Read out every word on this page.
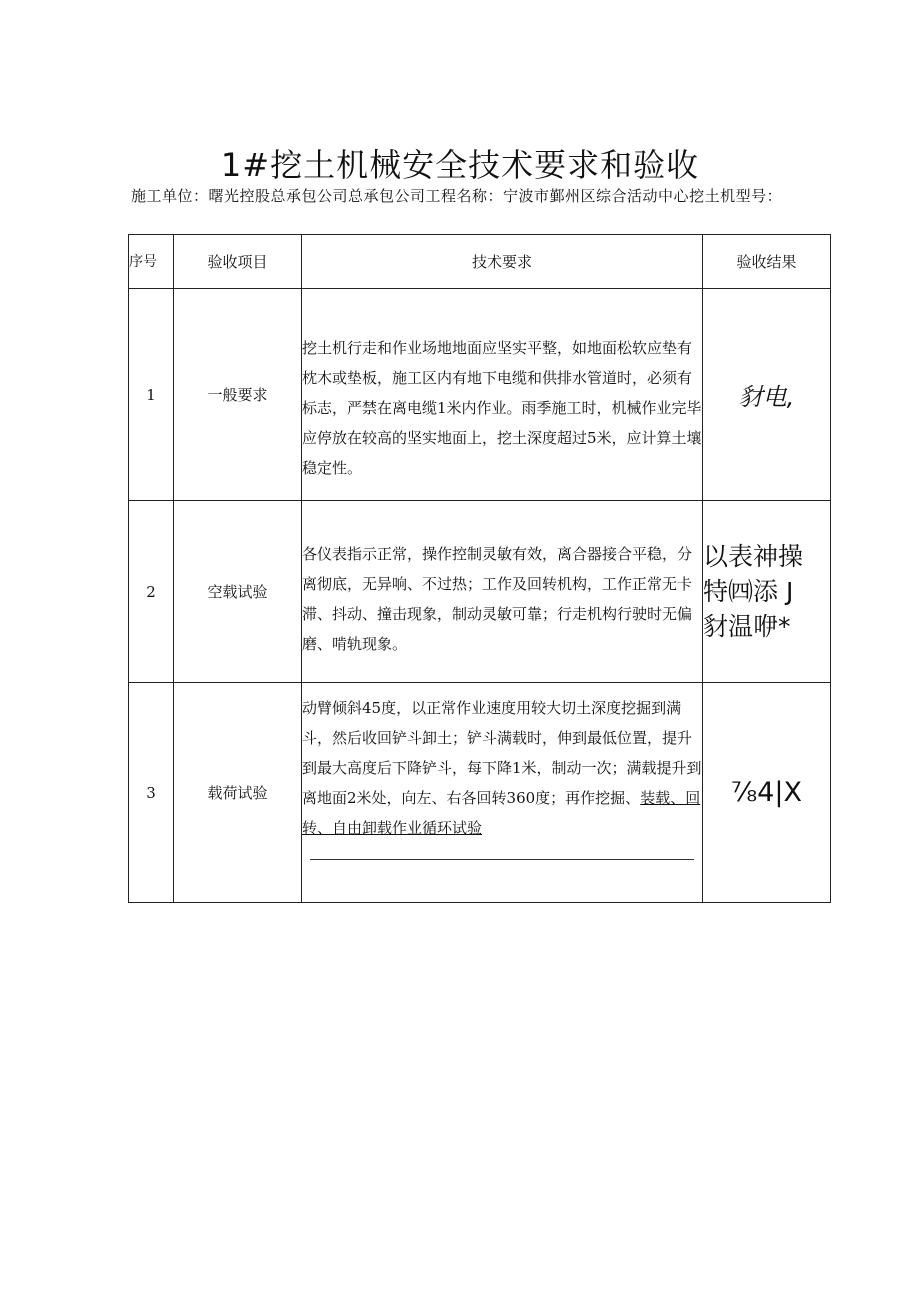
1#挖土机械安全技术要求和验收
施工单位：曙光控股总承包公司总承包公司工程名称：宁波市鄞州区综合活动中心挖土机型号：
序号	验收项目	技术要求	验收结果
1	一般要求	挖土机行走和作业场地地面应坚实平整，如地面松软应垫有枕木或垫板，施工区内有地下电缆和供排水管道时，必须有标志，严禁在离电缆1米内作业。雨季施工时，机械作业完毕应停放在较高的坚实地面上，挖土深度超过5米，应计算土壤稳定性。	豺电,
2	空载试验	各仪表指示正常，操作控制灵敏有效，离合器接合平稳，分离彻底，无异响、不过热；工作及回转机构，工作正常无卡滞、抖动、撞击现象，制动灵敏可靠；行走机构行驶时无偏磨、啃轨现象。	以表神操
特㈣添 J
豺温咿*

3	载荷试验	动臂倾斜45度，以正常作业速度用较大切土深度挖掘到满斗，然后收回铲斗卸土；铲斗满载时，伸到最低位置，提升到最大高度后下降铲斗，每下降1米，制动一次；满载提升到离地面2米处，向左、右各回转360度；再作挖掘、装载、回转、自由卸载作业循环试验	⅞4|X
